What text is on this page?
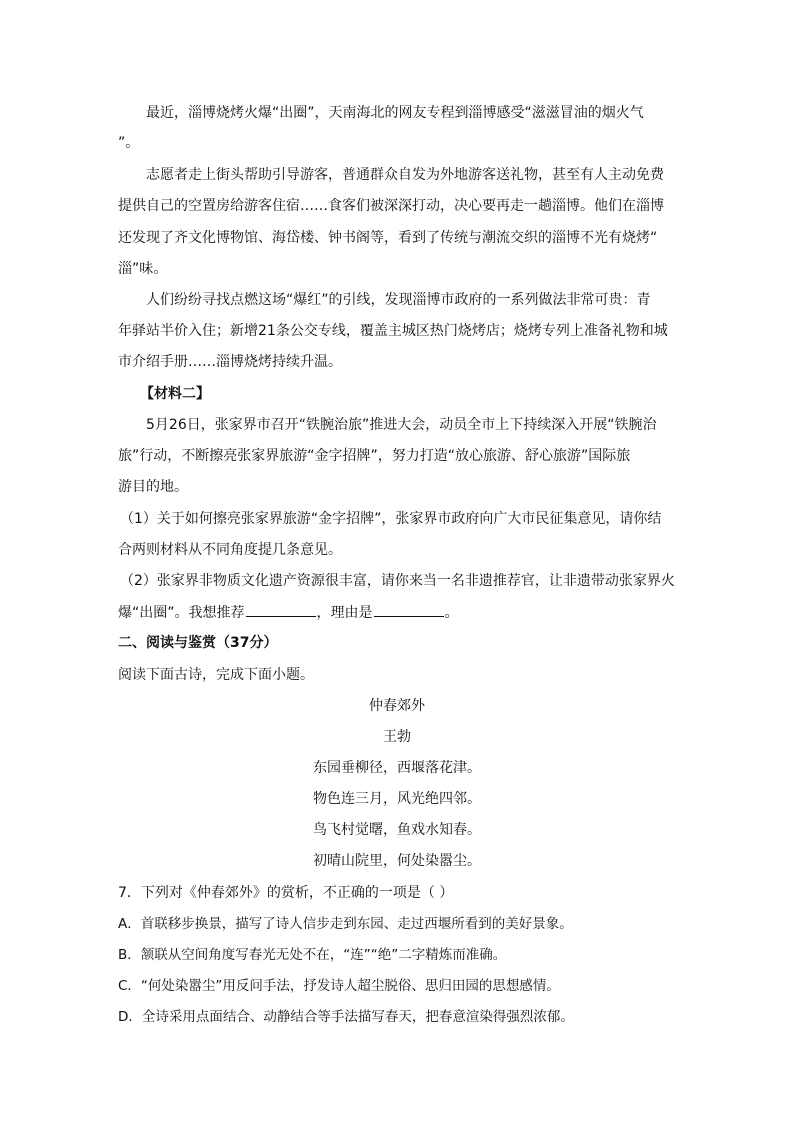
最近，淄博烧烤火爆“出圈”，天南海北的网友专程到淄博感受“滋滋冒油的烟火气
”。
志愿者走上街头帮助引导游客，普通群众自发为外地游客送礼物，甚至有人主动免费
提供自己的空置房给游客住宿……食客们被深深打动，决心要再走一趟淄博。他们在淄博
还发现了齐文化博物馆、海岱楼、钟书阁等，看到了传统与潮流交织的淄博不光有烧烤“
淄”味。
人们纷纷寻找点燃这场“爆红”的引线，发现淄博市政府的一系列做法非常可贵：青
年驿站半价入住；新增21条公交专线，覆盖主城区热门烧烤店；烧烤专列上准备礼物和城
市介绍手册……淄博烧烤持续升温。
【材料二】
5月26日，张家界市召开“铁腕治旅”推进大会，动员全市上下持续深入开展“铁腕治
旅”行动，不断擦亮张家界旅游“金字招牌”，努力打造“放心旅游、舒心旅游”国际旅
游目的地。
（1）关于如何擦亮张家界旅游“金字招牌”，张家界市政府向广大市民征集意见，请你结
合两则材料从不同角度提几条意见。
（2）张家界非物质文化遗产资源很丰富，请你来当一名非遗推荐官，让非遗带动张家界火
爆“出圈”。我想推荐	，理由是	。
二、阅读与鉴赏（37分）
阅读下面古诗，完成下面小题。
仲春郊外
王勃
东园垂柳径，西堰落花津。
物色连三月，风光绝四邻。
鸟飞村觉曙，鱼戏水知春。
初晴山院里，何处染嚣尘。
7．下列对《仲春郊外》的赏析，不正确的一项是（ ）
A．首联移步换景，描写了诗人信步走到东园、走过西堰所看到的美好景象。
B．颔联从空间角度写春光无处不在，“连”“绝”二字精炼而准确。
C．“何处染嚣尘”用反问手法，抒发诗人超尘脱俗、思归田园的思想感情。
D．全诗采用点面结合、动静结合等手法描写春天，把春意渲染得强烈浓郁。
